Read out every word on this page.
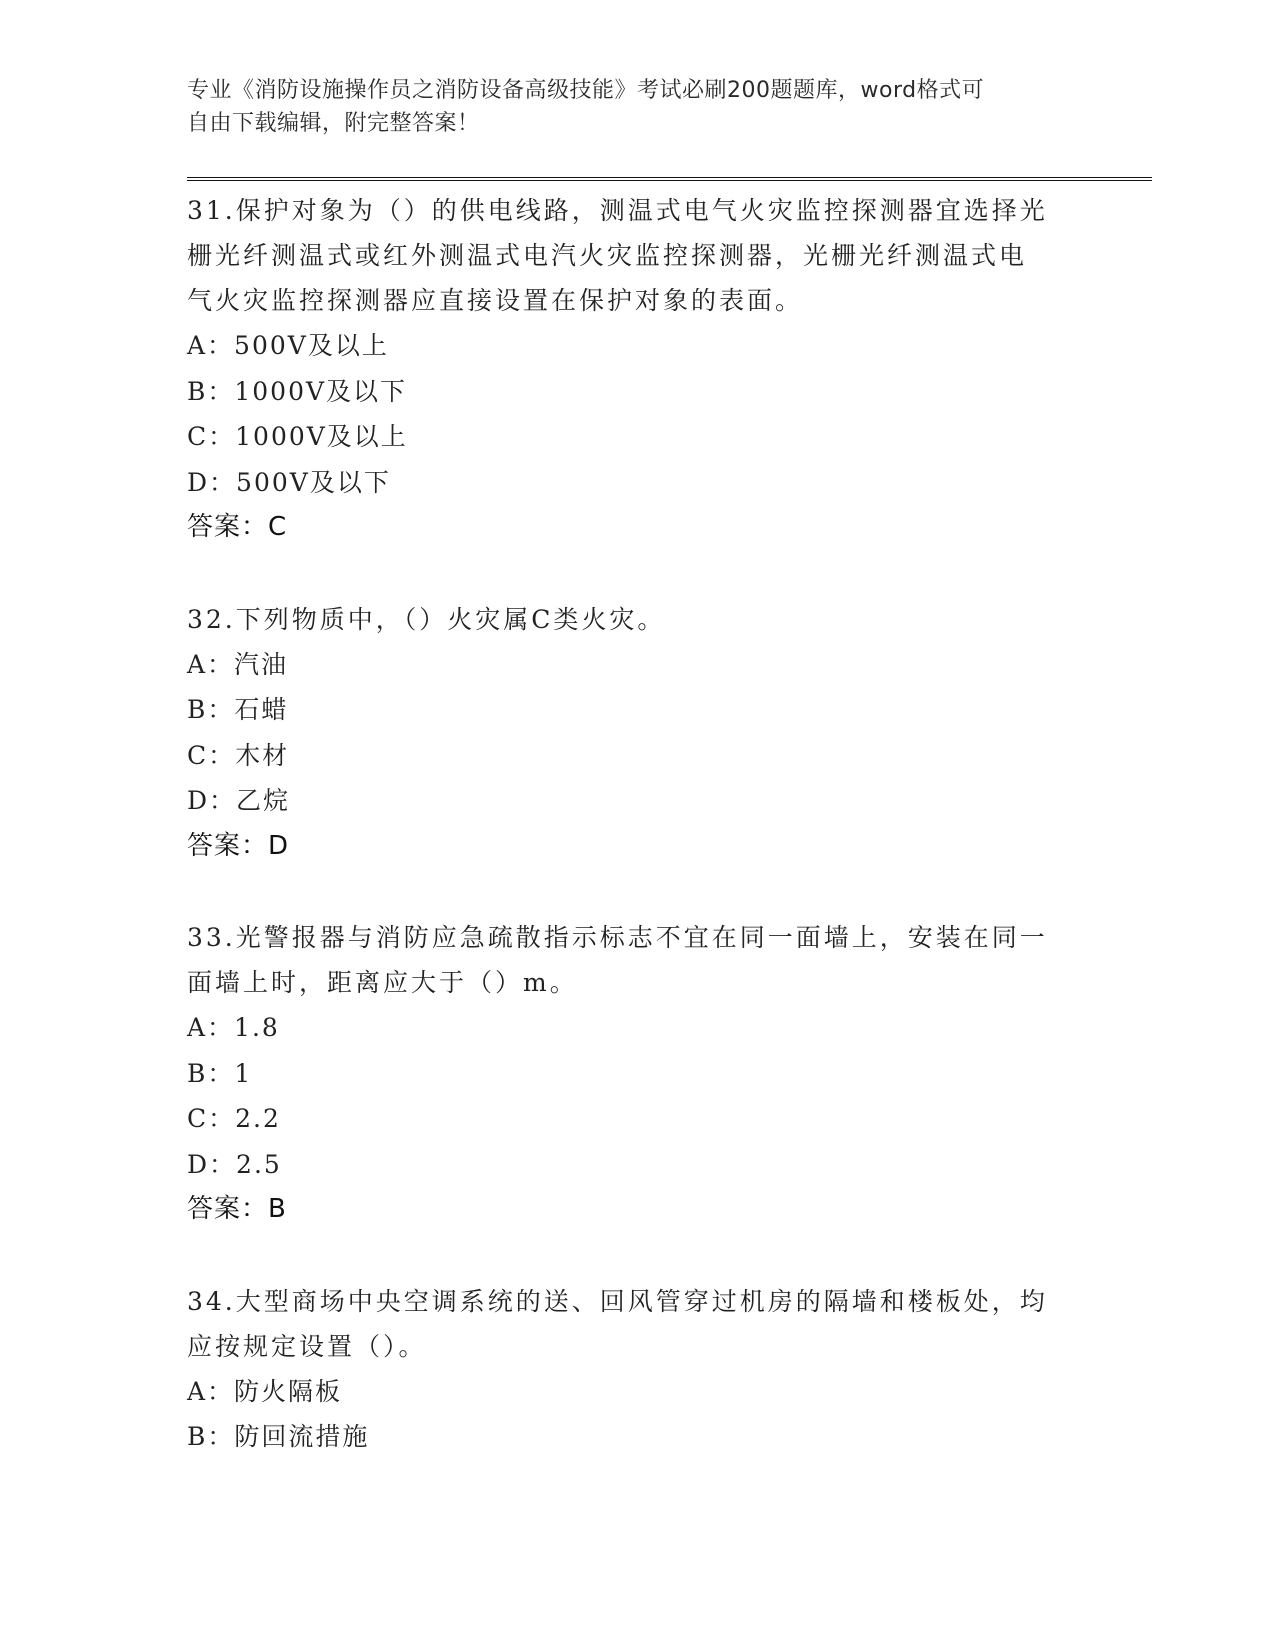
专业《消防设施操作员之消防设备高级技能》考试必刷200题题库，word格式可
自由下载编辑，附完整答案！
31.保护对象为（）的供电线路，测温式电气火灾监控探测器宜选择光
栅光纤测温式或红外测温式电汽火灾监控探测器，光栅光纤测温式电
气火灾监控探测器应直接设置在保护对象的表面。
A：500V及以上
B：1000V及以下
C：1000V及以上
D：500V及以下
答案：C
32.下列物质中，（）火灾属C类火灾。
A：汽油
B：石蜡
C：木材
D：乙烷
答案：D
33.光警报器与消防应急疏散指示标志不宜在同一面墙上，安装在同一
面墙上时，距离应大于（）m。
A：1.8
B：1
C：2.2
D：2.5
答案：B
34.大型商场中央空调系统的送、回风管穿过机房的隔墙和楼板处，均
应按规定设置（）。
A：防火隔板
B：防回流措施
